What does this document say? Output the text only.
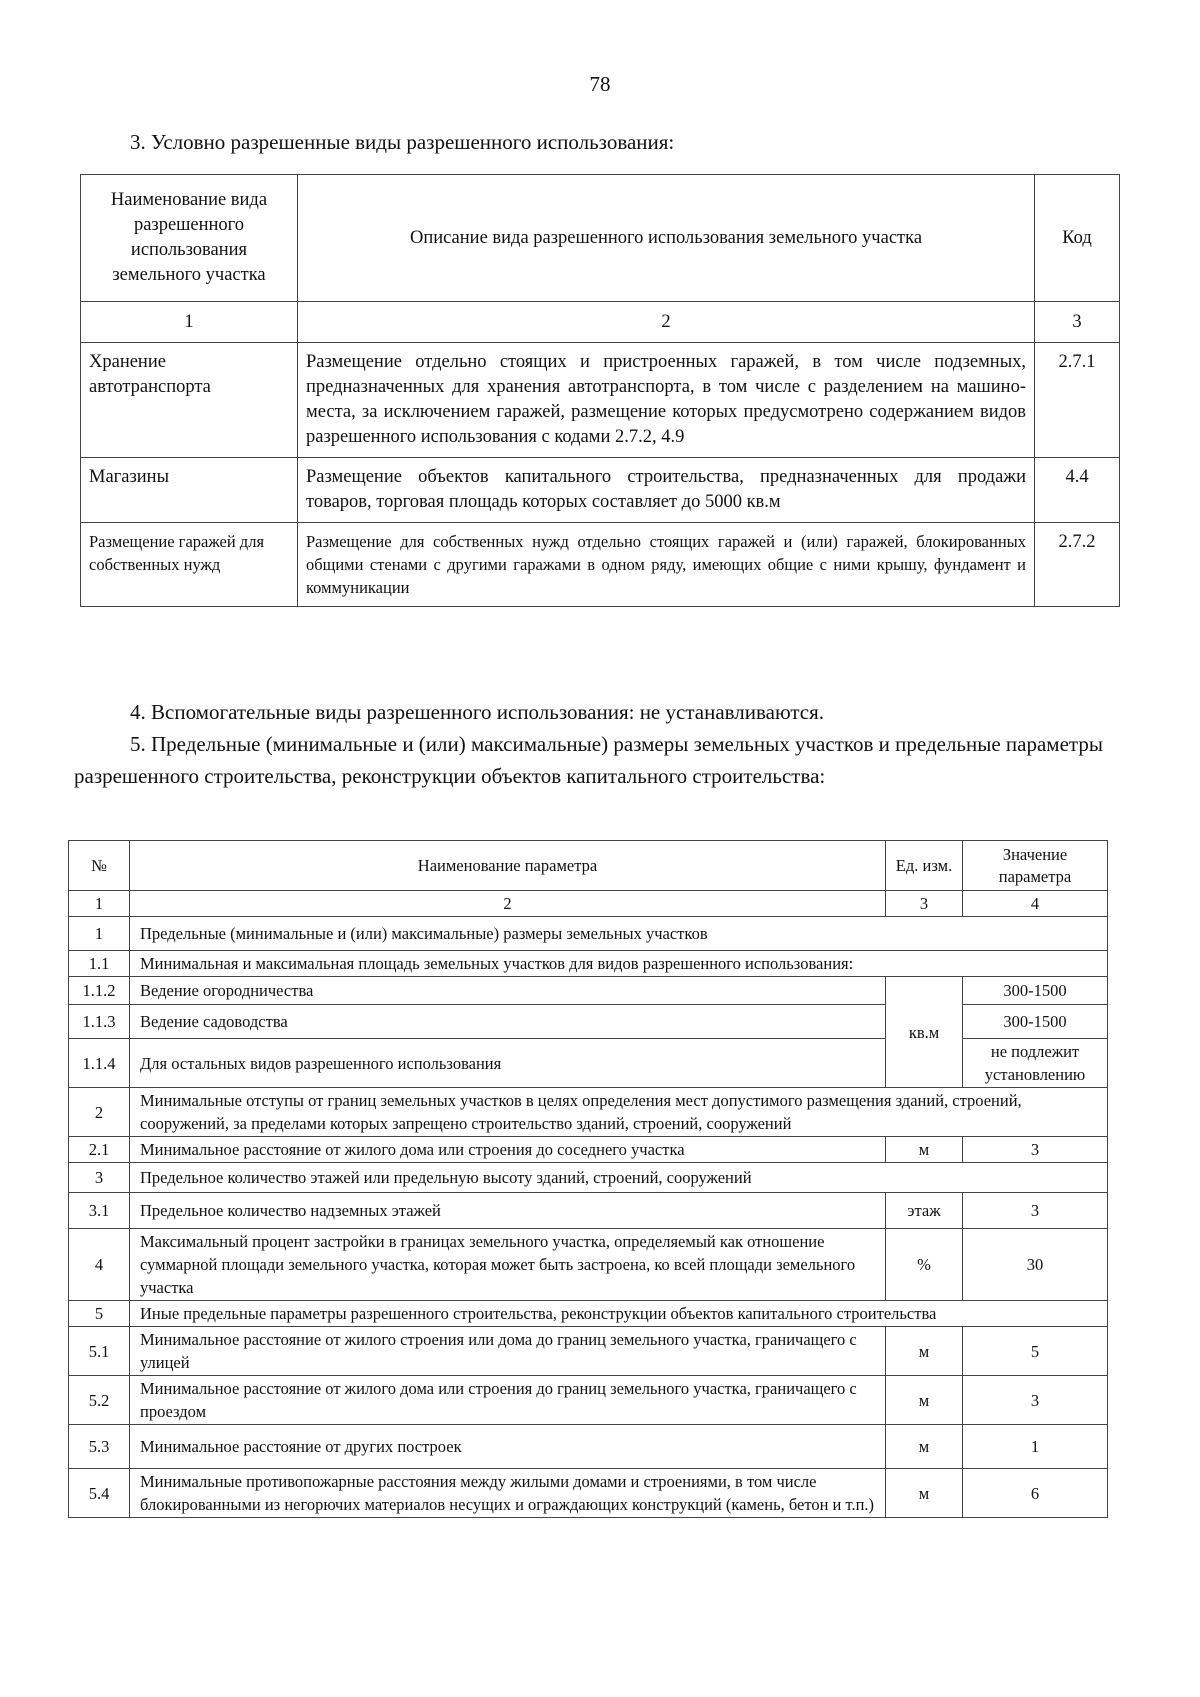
78
3. Условно разрешенные виды разрешенного использования:
Наименование вида разрешенного использования земельного участка	Описание вида разрешенного использования земельного участка	Код
1	2	3
Хранение автотранспорта	Размещение отдельно стоящих и пристроенных гаражей, в том числе подземных, предназначенных для хранения автотранспорта, в том числе с разделением на машино-места, за исключением гаражей, размещение которых предусмотрено содержанием видов разрешенного использования с кодами 2.7.2, 4.9	2.7.1
Магазины	Размещение объектов капитального строительства, предназначенных для продажи товаров, торговая площадь которых составляет до 5000 кв.м	4.4
Размещение гаражей для собственных нужд	Размещение для собственных нужд отдельно стоящих гаражей и (или) гаражей, блокированных общими стенами с другими гаражами в одном ряду, имеющих общие с ними крышу, фундамент и коммуникации	2.7.2
4. Вспомогательные виды разрешенного использования: не устанавливаются.
5. Предельные (минимальные и (или) максимальные) размеры земельных участков и предельные параметры разрешенного строительства, реконструкции объектов капитального строительства:
№	Наименование параметра	Ед. изм.	Значение параметра
1	2	3	4
1	Предельные (минимальные и (или) максимальные) размеры земельных участков		
1.1	Минимальная и максимальная площадь земельных участков для видов разрешенного использования:		
1.1.2	Ведение огородничества	кв.м	300-1500
1.1.3	Ведение садоводства		300-1500
1.1.4	Для остальных видов разрешенного использования		не подлежит установлению
2	Минимальные отступы от границ земельных участков в целях определения мест допустимого размещения зданий, строений, сооружений, за пределами которых запрещено строительство зданий, строений, сооружений		
2.1	Минимальное расстояние от жилого дома или строения до соседнего участка	м	3
3	Предельное количество этажей или предельную высоту зданий, строений, сооружений		
3.1	Предельное количество надземных этажей	этаж	3
4	Максимальный процент застройки в границах земельного участка, определяемый как отношение суммарной площади земельного участка, которая может быть застроена, ко всей площади земельного участка	%	30
5	Иные предельные параметры разрешенного строительства, реконструкции объектов капитального строительства		
5.1	Минимальное расстояние от жилого строения или дома до границ земельного участка, граничащего с улицей	м	5
5.2	Минимальное расстояние от жилого дома или строения до границ земельного участка, граничащего с проездом	м	3
5.3	Минимальное расстояние от других построек	м	1
5.4	Минимальные противопожарные расстояния между жилыми домами и строениями, в том числе блокированными из негорючих материалов несущих и ограждающих конструкций (камень, бетон и т.п.)	м	6
